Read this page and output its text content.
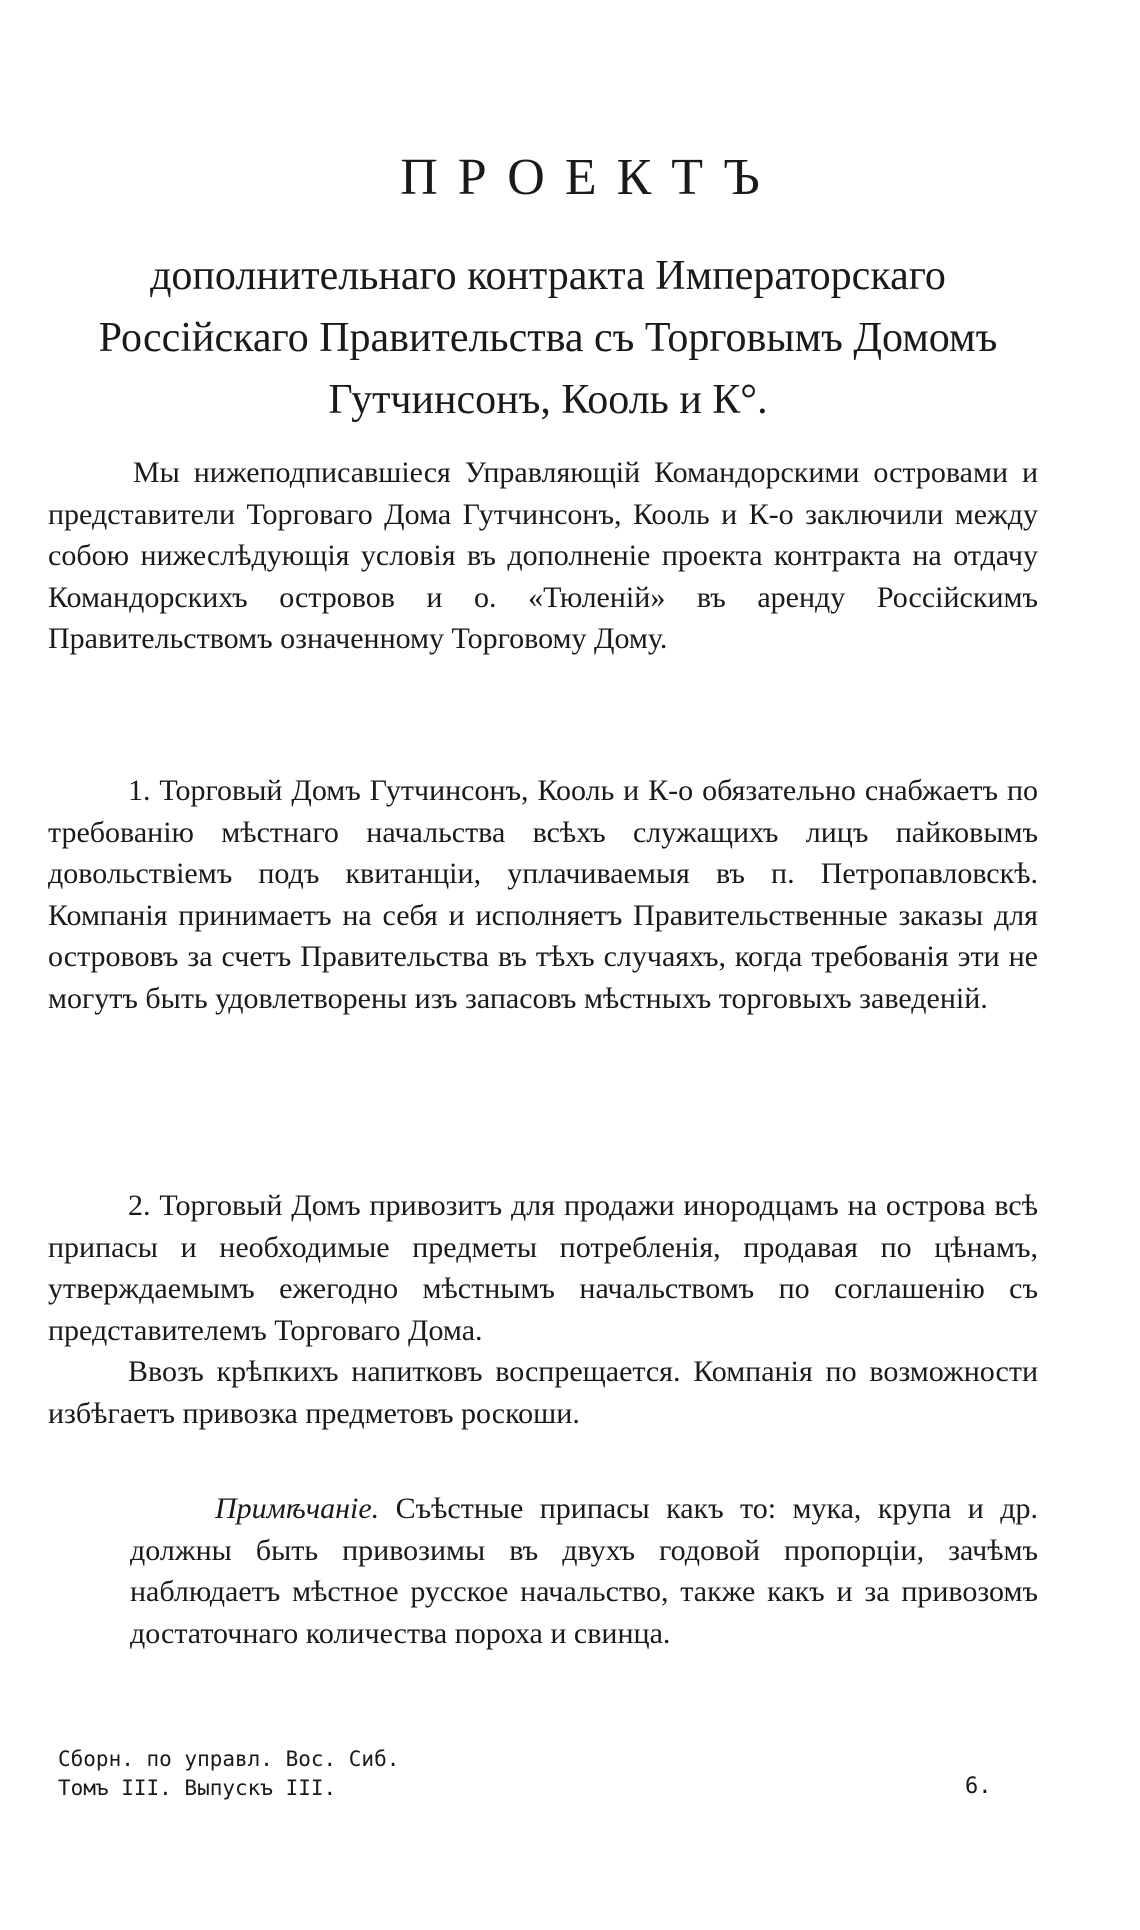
ПРОЕКТЪ
дополнительнаго контракта Императорскаго
Россійскаго Правительства съ Торговымъ Домомъ
Гутчинсонъ, Кооль и К°.

Мы нижеподписавшіеся Управляющій Командорскими островами и представители Торговаго Дома Гутчинсонъ, Кооль и К-о заключили между собою нижеслѣдующія условія въ дополненіе проекта контракта на отдачу Командорскихъ островов и о. «Тюленій» въ аренду Россійскимъ Правительствомъ означенному Торговому Дому.

1. Торговый Домъ Гутчинсонъ, Кооль и К-о обязательно снабжаетъ по требованію мѣстнаго начальства всѣхъ служащихъ лицъ пайковымъ довольствіемъ подъ квитанціи, уплачиваемыя въ п. Петропавловскѣ. Компанія принимаетъ на себя и исполняетъ Правительственные заказы для острововъ за счетъ Правительства въ тѣхъ случаяхъ, когда требованія эти не могутъ быть удовлетворены изъ запасовъ мѣстныхъ торговыхъ заведеній.

2. Торговый Домъ привозитъ для продажи инородцамъ на острова всѣ припасы и необходимые предметы потребленія, продавая по цѣнамъ, утверждаемымъ ежегодно мѣстнымъ начальствомъ по соглашенію съ представителемъ Торговаго Дома.

Ввозъ крѣпкихъ напитковъ воспрещается. Компанія по возможности избѣгаетъ привозка предметовъ роскоши.

Примѣчаніе. Съѣстные припасы какъ то: мука, крупа и др. должны быть привозимы въ двухъ годовой пропорціи, зачѣмъ наблюдаетъ мѣстное русское начальство, также какъ и за привозомъ достаточнаго количества пороха и свинца.

Сборн. по управл. Вос. Сиб.
Томъ III. Выпускъ III.	6.
